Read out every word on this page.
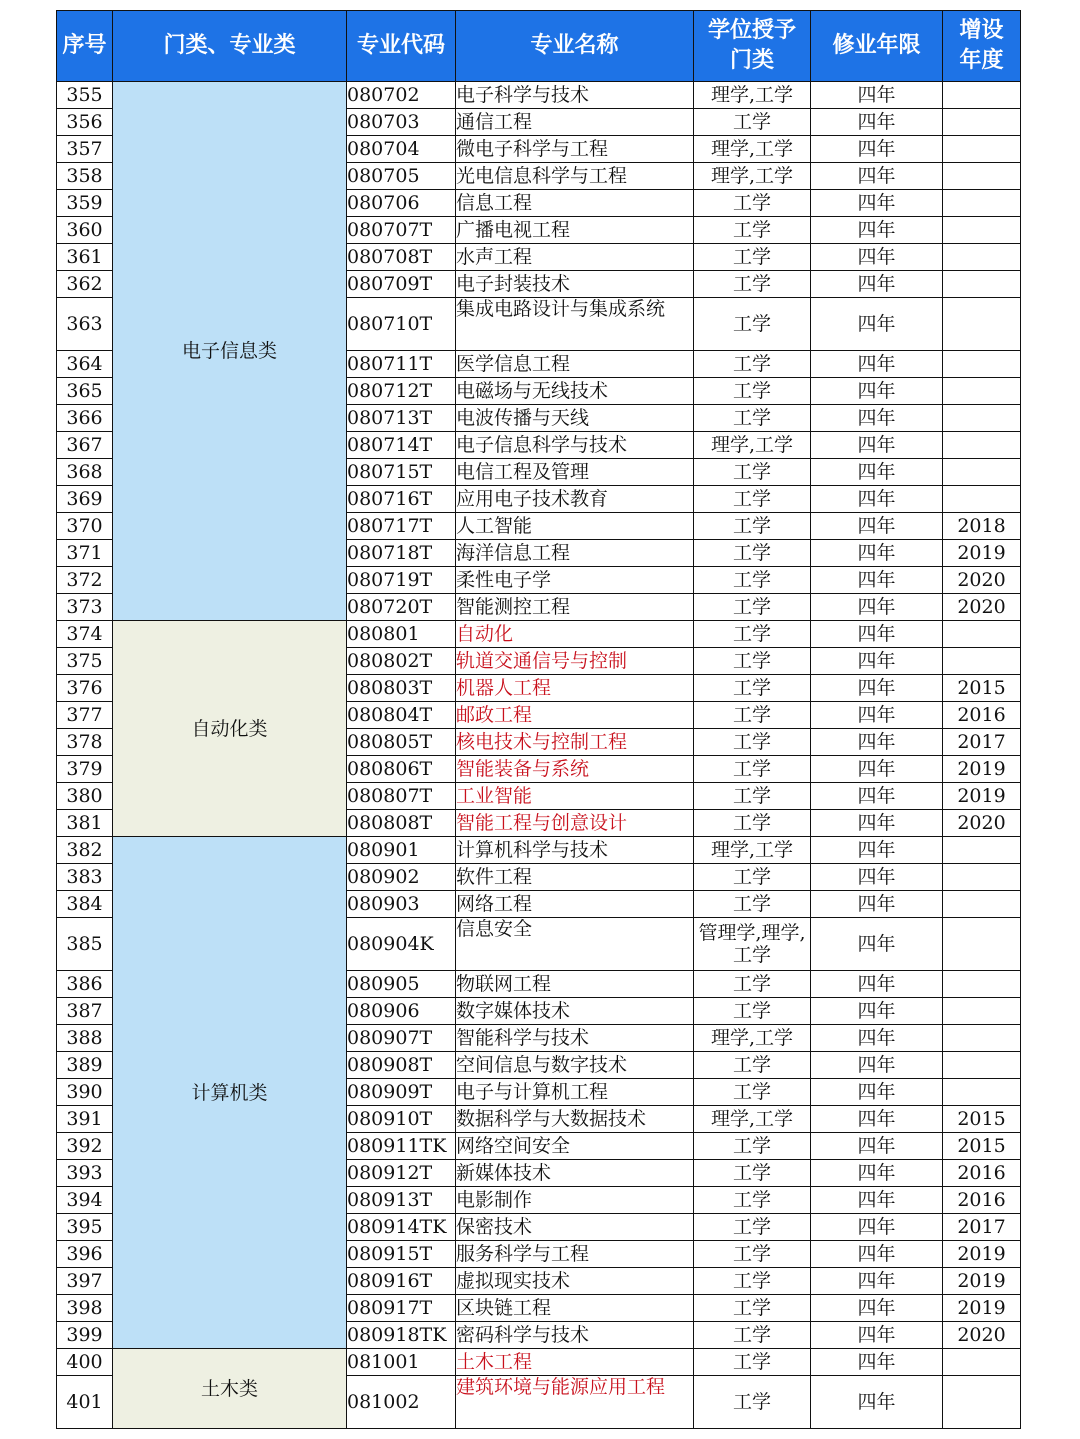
序号	门类、专业类	专业代码	专业名称	学位授予门类	修业年限	增设年度

355	电子信息类	080702	电子科学与技术	理学,工学	四年	
356		080703	通信工程	工学	四年	
357		080704	微电子科学与工程	理学,工学	四年	
358		080705	光电信息科学与工程	理学,工学	四年	
359		080706	信息工程	工学	四年	
360		080707T	广播电视工程	工学	四年	
361		080708T	水声工程	工学	四年	
362		080709T	电子封装技术	工学	四年	
363		080710T	集成电路设计与集成系统	工学	四年	
364		080711T	医学信息工程	工学	四年	
365		080712T	电磁场与无线技术	工学	四年	
366		080713T	电波传播与天线	工学	四年	
367		080714T	电子信息科学与技术	理学,工学	四年	
368		080715T	电信工程及管理	工学	四年	
369		080716T	应用电子技术教育	工学	四年	
370		080717T	人工智能	工学	四年	2018
371		080718T	海洋信息工程	工学	四年	2019
372		080719T	柔性电子学	工学	四年	2020
373		080720T	智能测控工程	工学	四年	2020
374	自动化类	080801	自动化	工学	四年	
375		080802T	轨道交通信号与控制	工学	四年	
376		080803T	机器人工程	工学	四年	2015
377		080804T	邮政工程	工学	四年	2016
378		080805T	核电技术与控制工程	工学	四年	2017
379		080806T	智能装备与系统	工学	四年	2019
380		080807T	工业智能	工学	四年	2019
381		080808T	智能工程与创意设计	工学	四年	2020
382	计算机类	080901	计算机科学与技术	理学,工学	四年	
383		080902	软件工程	工学	四年	
384		080903	网络工程	工学	四年	
385		080904K	信息安全	管理学,理学,工学	四年	
386		080905	物联网工程	工学	四年	
387		080906	数字媒体技术	工学	四年	
388		080907T	智能科学与技术	理学,工学	四年	
389		080908T	空间信息与数字技术	工学	四年	
390		080909T	电子与计算机工程	工学	四年	
391		080910T	数据科学与大数据技术	理学,工学	四年	2015
392		080911TK	网络空间安全	工学	四年	2015
393		080912T	新媒体技术	工学	四年	2016
394		080913T	电影制作	工学	四年	2016
395		080914TK	保密技术	工学	四年	2017
396		080915T	服务科学与工程	工学	四年	2019
397		080916T	虚拟现实技术	工学	四年	2019
398		080917T	区块链工程	工学	四年	2019
399		080918TK	密码科学与技术	工学	四年	2020
400	土木类	081001	土木工程	工学	四年	
401		081002	建筑环境与能源应用工程	工学	四年	
